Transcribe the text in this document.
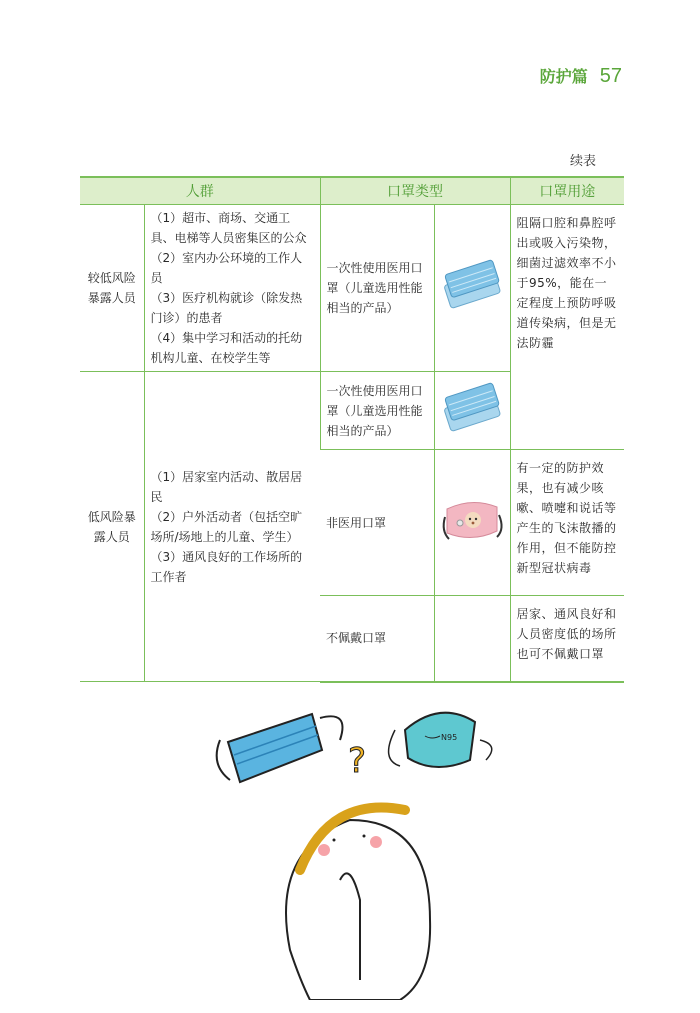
防护篇 57
续表
人群		口罩类型		口罩用途
较低风险暴露人员	（1）超市、商场、交通工具、电梯等人员密集区的公众
（2）室内办公环境的工作人员
（3）医疗机构就诊（除发热门诊）的患者
（4）集中学习和活动的托幼机构儿童、在校学生等	一次性使用医用口罩（儿童选用性能相当的产品）		阻隔口腔和鼻腔呼出或吸入污染物，细菌过滤效率不小于95%，能在一定程度上预防呼吸道传染病，但是无法防霾
低风险暴露人员	（1）居家室内活动、散居居民
（2）户外活动者（包括空旷场所/场地上的儿童、学生）
（3）通风良好的工作场所的工作者	一次性使用医用口罩（儿童选用性能相当的产品）	
		非医用口罩		有一定的防护效果，也有减少咳嗽、喷嚏和说话等产生的飞沫散播的作用，但不能防控新型冠状病毒
		不佩戴口罩		居家、通风良好和人员密度低的场所也可不佩戴口罩
N95
?
